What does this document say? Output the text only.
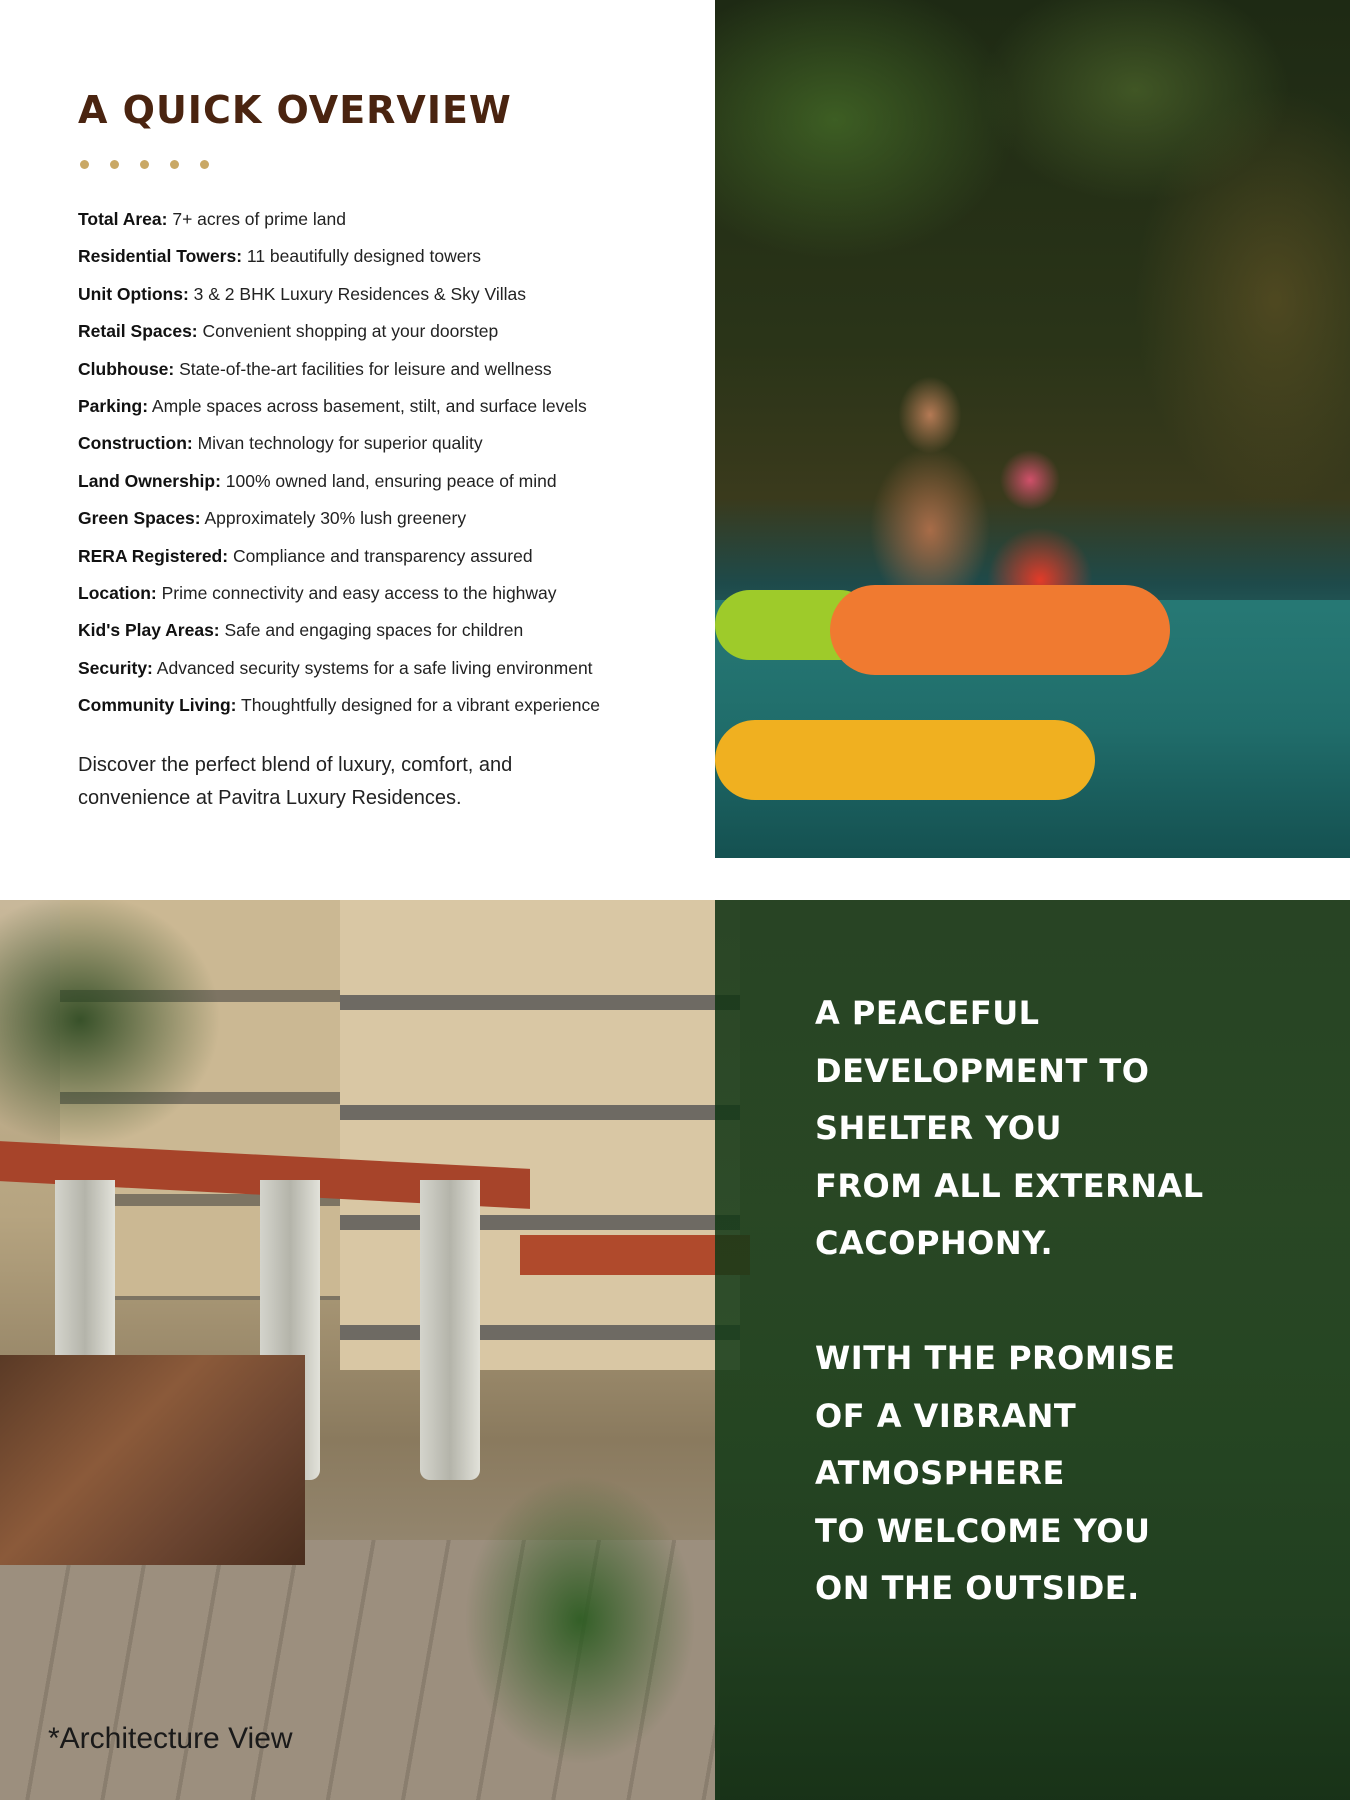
A QUICK OVERVIEW
Total Area: 7+ acres of prime land
Residential Towers: 11 beautifully designed towers
Unit Options: 3 & 2 BHK Luxury Residences & Sky Villas
Retail Spaces: Convenient shopping at your doorstep
Clubhouse: State-of-the-art facilities for leisure and wellness
Parking: Ample spaces across basement, stilt, and surface levels
Construction: Mivan technology for superior quality
Land Ownership: 100% owned land, ensuring peace of mind
Green Spaces: Approximately 30% lush greenery
RERA Registered: Compliance and transparency assured
Location: Prime connectivity and easy access to the highway
Kid's Play Areas: Safe and engaging spaces for children
Security: Advanced security systems for a safe living environment
Community Living: Thoughtfully designed for a vibrant experience

Discover the perfect blend of luxury, comfort, and convenience at Pavitra Luxury Residences.

A PEACEFUL
DEVELOPMENT TO
SHELTER YOU
FROM ALL EXTERNAL
CACOPHONY.
WITH THE PROMISE
OF A VIBRANT
ATMOSPHERE
TO WELCOME YOU
ON THE OUTSIDE.

*Architecture View
